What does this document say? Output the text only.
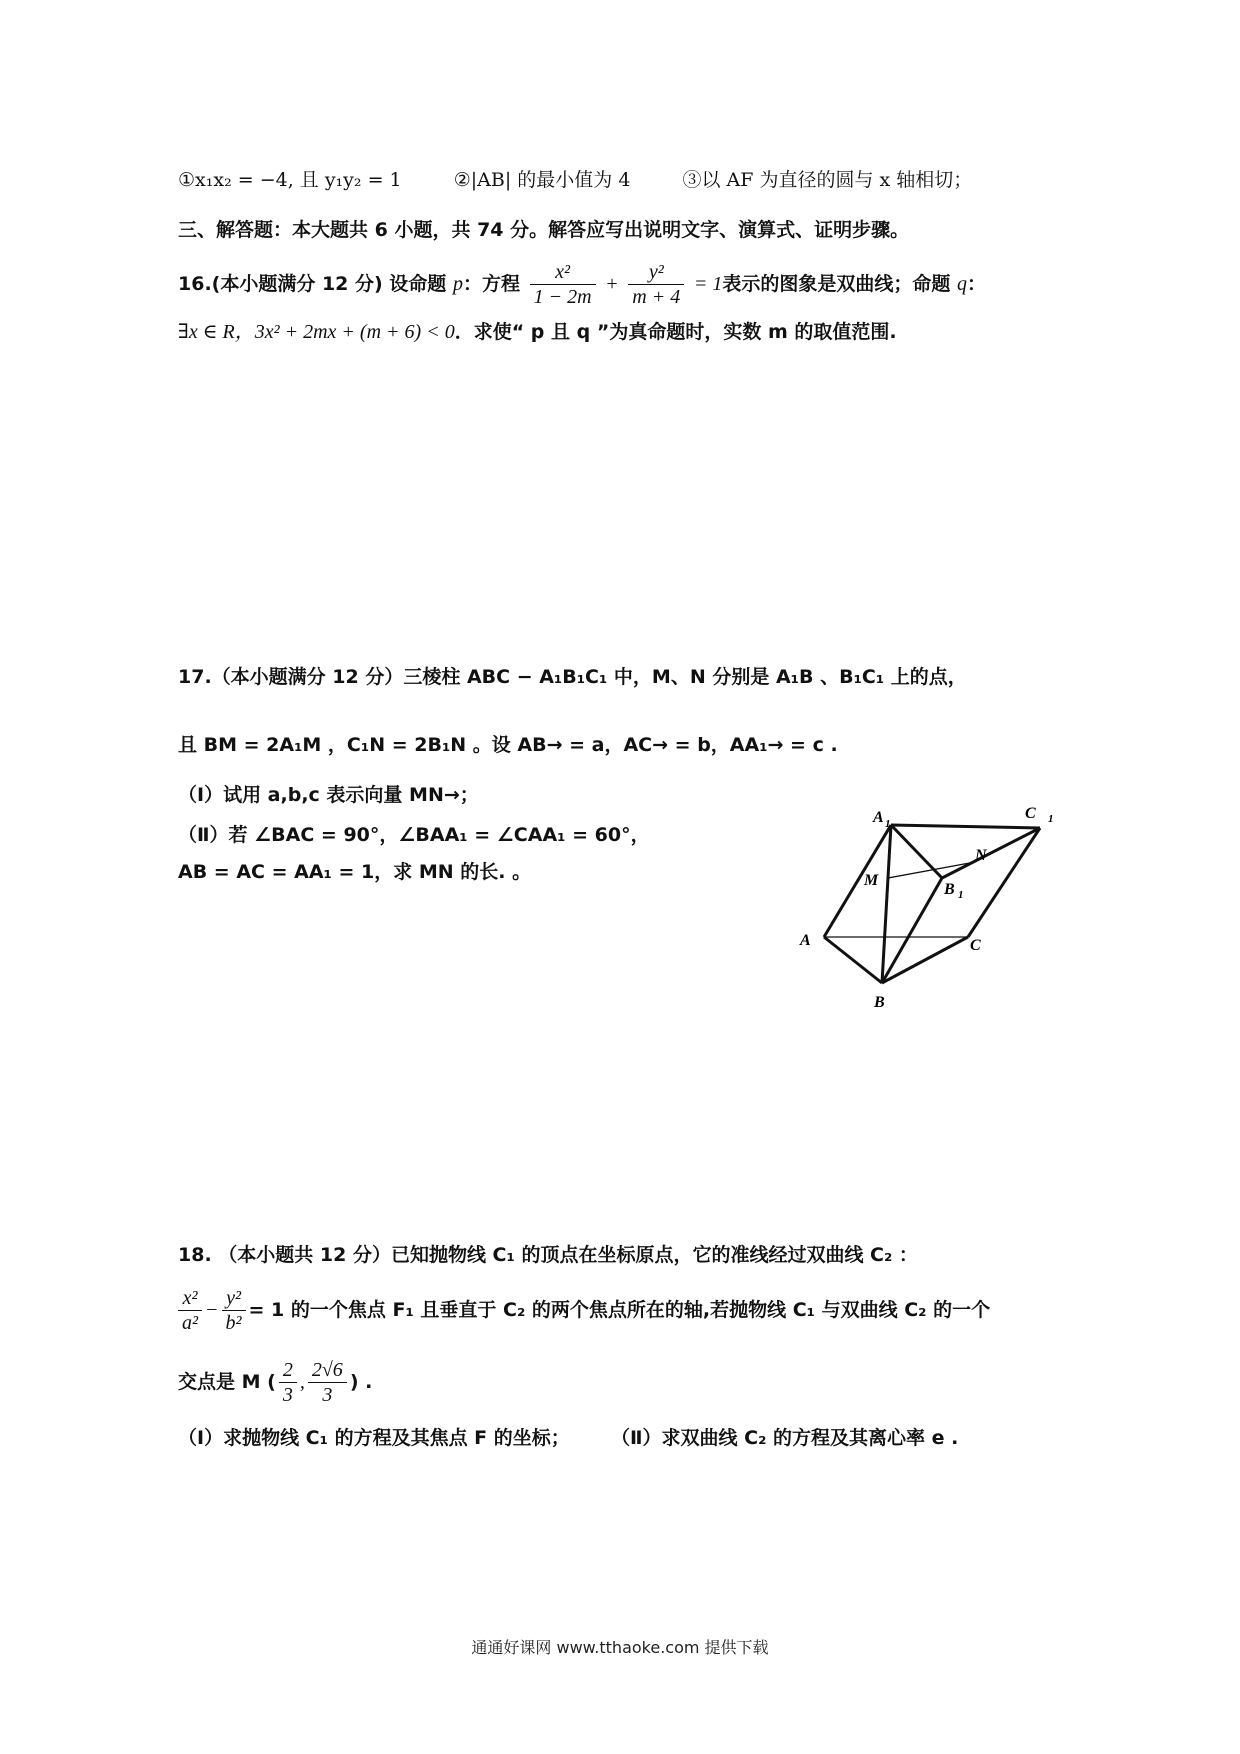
①x₁x₂ = −4, 且 y₁y₂ = 1	②|AB| 的最小值为 4	③以 AF 为直径的圆与 x 轴相切；
三、解答题：本大题共 6 小题，共 74 分。解答应写出说明文字、演算式、证明步骤。
16.(本小题满分 12 分) 设命题 p：方程 $\frac{\text{x²}}{1 - 2m} + \frac{\text{y²}}{m + 4} = 1$表示的图象是双曲线；命题 q：
∃x ∈ R，3x² + 2mx + (m + 6) < 0．求使“ p 且 q ”为真命题时，实数 m 的取值范围.
17.（本小题满分 12 分）三棱柱 ABC − A₁B₁C₁ 中，M、N 分别是 A₁B 、B₁C₁ 上的点，
且 BM = 2A₁M ，C₁N = 2B₁N 。设 AB→ = a，AC→ = b，AA₁→ = c .
（Ⅰ）试用 a,b,c 表示向量 MN→；
（Ⅱ）若 ∠BAC = 90°，∠BAA₁ = ∠CAA₁ = 60°，
AB = AC = AA₁ = 1，求 MN 的长. 。
A 1
C 1
N
M
B 1
A	C
B
18. （本小题共 12 分）已知抛物线 C₁ 的顶点在坐标原点，它的准线经过双曲线 C₂ ：
$\frac{\text{x²}}{\text{a²}} - \frac{\text{y²}}{\text{b²}} = 1$ 的一个焦点 F₁ 且垂直于 C₂ 的两个焦点所在的轴,若抛物线 C₁ 与双曲线 C₂ 的一个
交点是 M ( $\frac{2}{3}$ , $\frac{2√6}{3}$ ) .
（Ⅰ）求抛物线 C₁ 的方程及其焦点 F 的坐标； （Ⅱ）求双曲线 C₂ 的方程及其离心率 e .
通通好课网 www.tthaoke.com 提供下载
